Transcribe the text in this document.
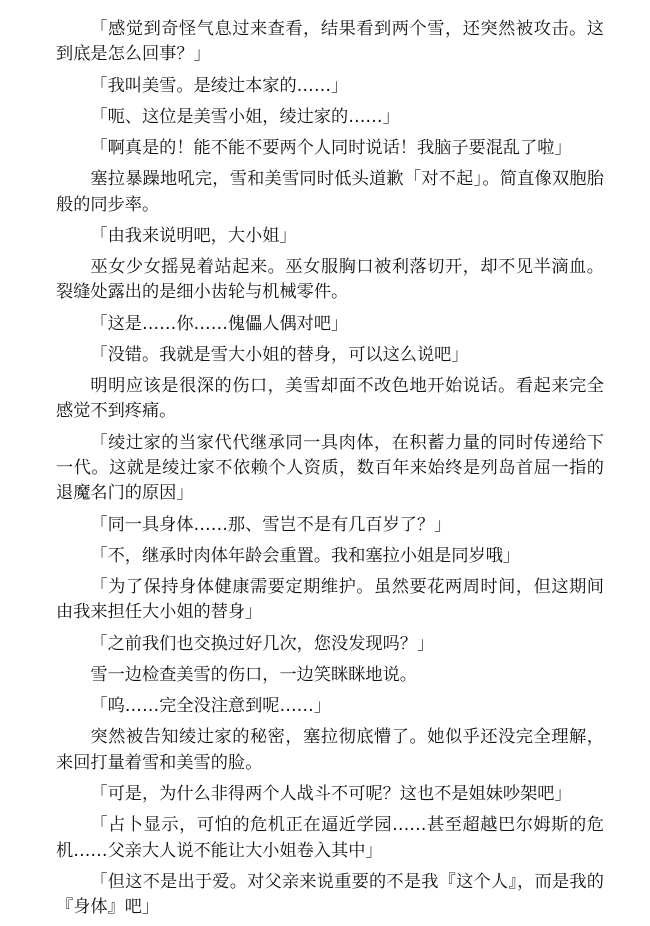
「感觉到奇怪气息过来查看，结果看到两个雪，还突然被攻击。这到底是怎么回事？」

「我叫美雪。是绫辻本家的……」

「呃、这位是美雪小姐，绫辻家的……」

「啊真是的！能不能不要两个人同时说话！我脑子要混乱了啦」

塞拉暴躁地吼完，雪和美雪同时低头道歉「对不起」。简直像双胞胎般的同步率。

「由我来说明吧，大小姐」

巫女少女摇晃着站起来。巫女服胸口被利落切开，却不见半滴血。裂缝处露出的是细小齿轮与机械零件。

「这是……你……傀儡人偶对吧」

「没错。我就是雪大小姐的替身，可以这么说吧」

明明应该是很深的伤口，美雪却面不改色地开始说话。看起来完全感觉不到疼痛。

「绫辻家的当家代代继承同一具肉体，在积蓄力量的同时传递给下一代。这就是绫辻家不依赖个人资质，数百年来始终是列岛首屈一指的退魔名门的原因」

「同一具身体……那、雪岂不是有几百岁了？」

「不，继承时肉体年龄会重置。我和塞拉小姐是同岁哦」

「为了保持身体健康需要定期维护。虽然要花两周时间，但这期间由我来担任大小姐的替身」

「之前我们也交换过好几次，您没发现吗？」

雪一边检查美雪的伤口，一边笑眯眯地说。

「呜……完全没注意到呢……」

突然被告知绫辻家的秘密，塞拉彻底懵了。她似乎还没完全理解，来回打量着雪和美雪的脸。

「可是，为什么非得两个人战斗不可呢？这也不是姐妹吵架吧」

「占卜显示，可怕的危机正在逼近学园……甚至超越巴尔姆斯的危机……父亲大人说不能让大小姐卷入其中」

「但这不是出于爱。对父亲来说重要的不是我『这个人』，而是我的『身体』吧」
